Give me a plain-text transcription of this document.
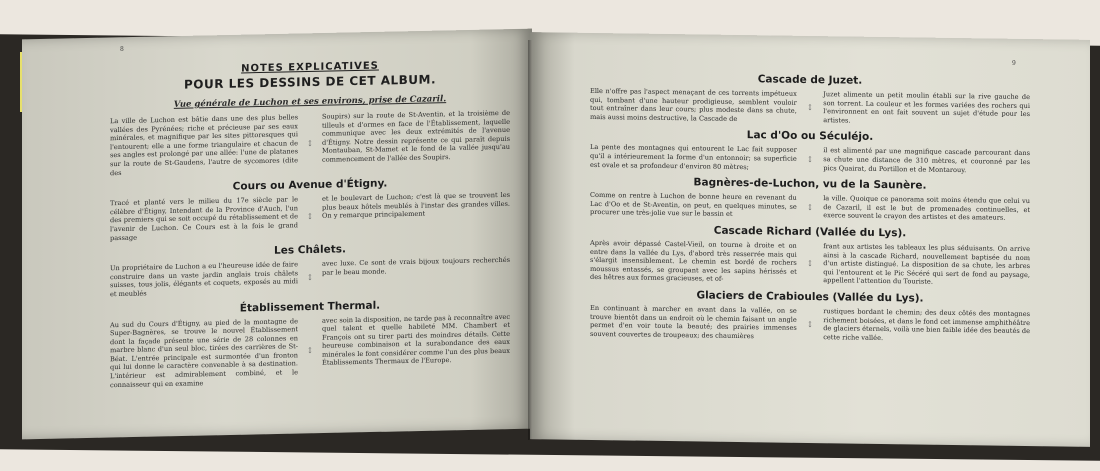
8

NOTES EXPLICATIVES

POUR LES DESSINS DE CET ALBUM.

Vue générale de Luchon et ses environs, prise de Cazaril.

La ville de Luchon est bâtie dans une des plus belles vallées des Pyrénées; riche et précieuse par ses eaux minérales, et magnifique par les sites pittoresques qui l'entourent; elle a une forme triangulaire et chacun de ses angles est prolongé par une allée: l'une de platanes sur la route de St-Gaudens, l'autre de sycomores (dite des
↕
Soupirs) sur la route de St-Aventin, et la troisième de tilleuls et d'ormes en face de l'Établissement, laquelle communique avec les deux extrémités de l'avenue d'Étigny. Notre dessin représente ce qui paraît depuis Montauban, St-Mamet et le fond de la vallée jusqu'au commencement de l'allée des Soupirs.

Cours ou Avenue d'Étigny.

Tracé et planté vers le milieu du 17e siècle par le célèbre d'Étigny, Intendant de la Province d'Auch, l'un des premiers qui se soit occupé du rétablissement et de l'avenir de Luchon. Ce Cours est à la fois le grand passage
↕
et le boulevart de Luchon; c'est là que se trouvent les plus beaux hôtels meublés à l'instar des grandes villes. On y remarque principalement

Les Châlets.

Un propriétaire de Luchon a eu l'heureuse idée de faire construire dans un vaste jardin anglais trois châlets suisses, tous jolis, élégants et coquets, exposés au midi et meublés
↕
avec luxe. Ce sont de vrais bijoux toujours recherchés par le beau monde.

Établissement Thermal.

Au sud du Cours d'Étigny, au pied de la montagne de Super-Bagnères, se trouve le nouvel Établissement dont la façade présente une série de 28 colonnes en marbre blanc d'un seul bloc, tirées des carrières de St-Béat. L'entrée principale est surmontée d'un fronton qui lui donne le caractère convenable à sa destination. L'intérieur est admirablement combiné, et le connaisseur qui en examine
↕
avec soin la disposition, ne tarde pas à reconnaître avec quel talent et quelle habileté MM. Chambert et François ont su tirer parti des moindres détails. Cette heureuse combinaison et la surabondance des eaux minérales le font considérer comme l'un des plus beaux Établissements Thermaux de l'Europe.
9

Cascade de Juzet.

Elle n'offre pas l'aspect menaçant de ces torrents impétueux qui, tombant d'une hauteur prodigieuse, semblent vouloir tout entraîner dans leur cours; plus modeste dans sa chute, mais aussi moins destructive, la Cascade de
↕
Juzet alimente un petit moulin établi sur la rive gauche de son torrent. La couleur et les formes variées des rochers qui l'environnent en ont fait souvent un sujet d'étude pour les artistes.

Lac d'Oo ou Séculéjo.

La pente des montagnes qui entourent le Lac fait supposer qu'il a intérieurement la forme d'un entonnoir; sa superficie est ovale et sa profondeur d'environ 80 mètres;
↕
il est alimenté par une magnifique cascade parcourant dans sa chute une distance de 310 mètres, et couronné par les pics Quairat, du Portillon et de Montarouy.

Bagnères-de-Luchon, vu de la Saunère.

Comme on rentre à Luchon de bonne heure en revenant du Lac d'Oo et de St-Aventin, on peut, en quelques minutes, se procurer une très-jolie vue sur le bassin et
↕
la ville. Quoique ce panorama soit moins étendu que celui vu de Cazaril, il est le but de promenades continuelles, et exerce souvent le crayon des artistes et des amateurs.

Cascade Richard (Vallée du Lys).

Après avoir dépassé Castel-Vieil, on tourne à droite et on entre dans la vallée du Lys, d'abord très resserrée mais qui s'élargit insensiblement. Le chemin est bordé de rochers moussus entassés, se groupant avec les sapins hérissés et des hêtres aux formes gracieuses, et of-
↕
frant aux artistes les tableaux les plus séduisants. On arrive ainsi à la cascade Richard, nouvellement baptisée du nom d'un artiste distingué. La disposition de sa chute, les arbres qui l'entourent et le Pic Sécéré qui sert de fond au paysage, appellent l'attention du Touriste.

Glaciers de Crabioules (Vallée du Lys).

En continuant à marcher en avant dans la vallée, on se trouve bientôt dans un endroit où le chemin faisant un angle permet d'en voir toute la beauté; des prairies immenses souvent couvertes de troupeaux; des chaumières
↕
rustiques bordant le chemin; des deux côtés des montagnes richement boisées, et dans le fond cet immense amphithéâtre de glaciers éternels, voilà une bien faible idée des beautés de cette riche vallée.
